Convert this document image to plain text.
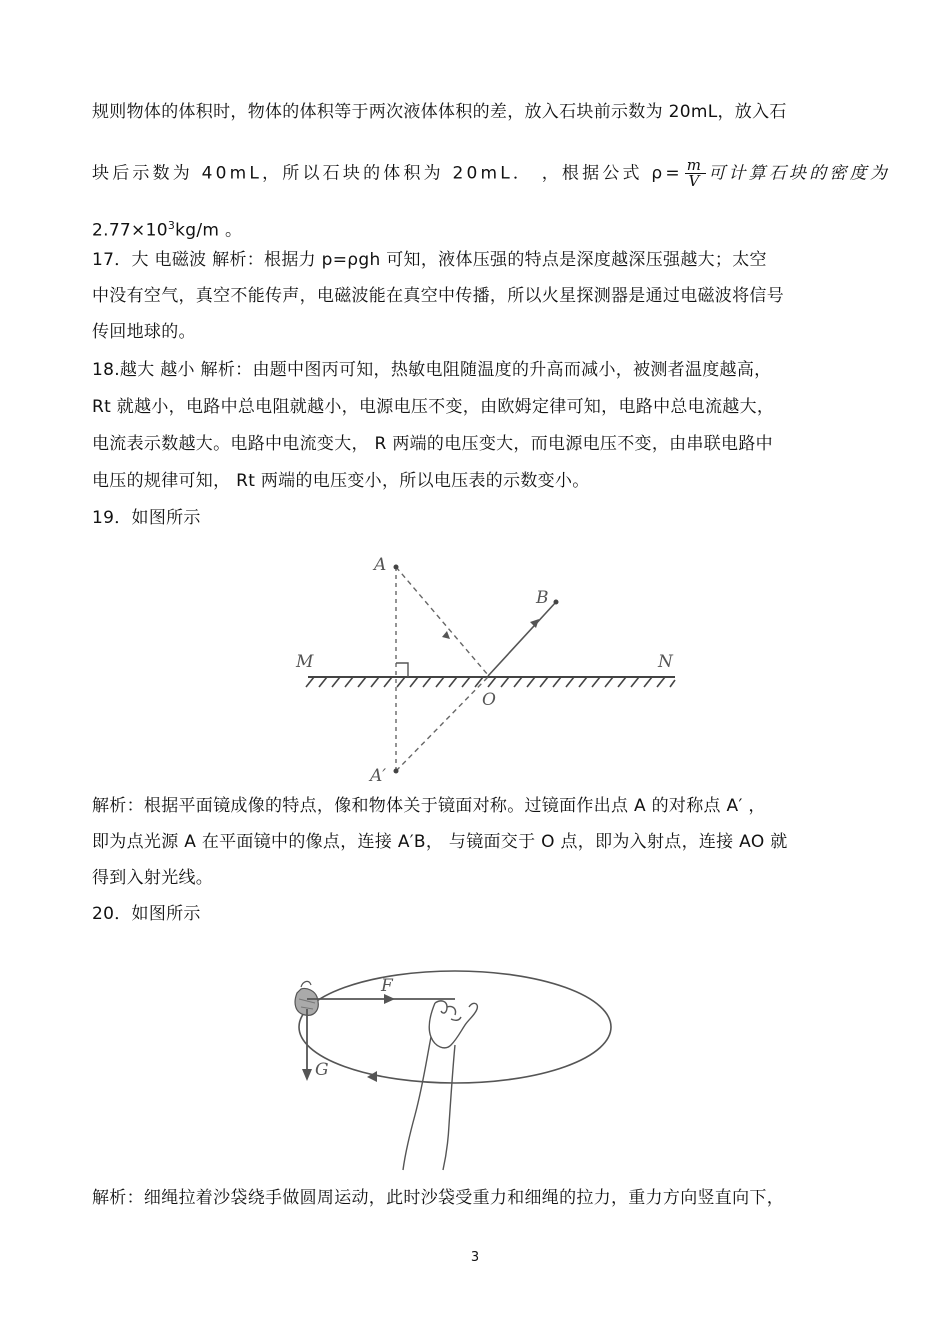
规则物体的体积时，物体的体积等于两次液体体积的差，放入石块前示数为 20mL，放入石
块后示数为 40mL，所以石块的体积为 20mL． ，根据公式 $\rho= \frac{m}{V}$ 可计算石块的密度为
$2.77\times 10^3kg/m$ 。
17．大 电磁波 解析：根据力 p=ρgh 可知，液体压强的特点是深度越深压强越大；太空
中没有空气，真空不能传声，电磁波能在真空中传播，所以火星探测器是通过电磁波将信号
传回地球的。
18.越大 越小 解析：由题中图丙可知，热敏电阻随温度的升高而减小，被测者温度越高，
Rt 就越小，电路中总电阻就越小，电源电压不变，由欧姆定律可知，电路中总电流越大，
电流表示数越大。电路中电流变大， R 两端的电压变大，而电源电压不变，由串联电路中
电压的规律可知， Rt 两端的电压变小，所以电压表的示数变小。
19．如图所示
A
B
M	N
O
A′
解析：根据平面镜成像的特点，像和物体关于镜面对称。过镜面作出点 A 的对称点 A′ ，
即为点光源 A 在平面镜中的像点，连接 A′B， 与镜面交于 O 点，即为入射点，连接 AO 就
得到入射光线。
20．如图所示
F
G
解析：细绳拉着沙袋绕手做圆周运动，此时沙袋受重力和细绳的拉力，重力方向竖直向下，
3
